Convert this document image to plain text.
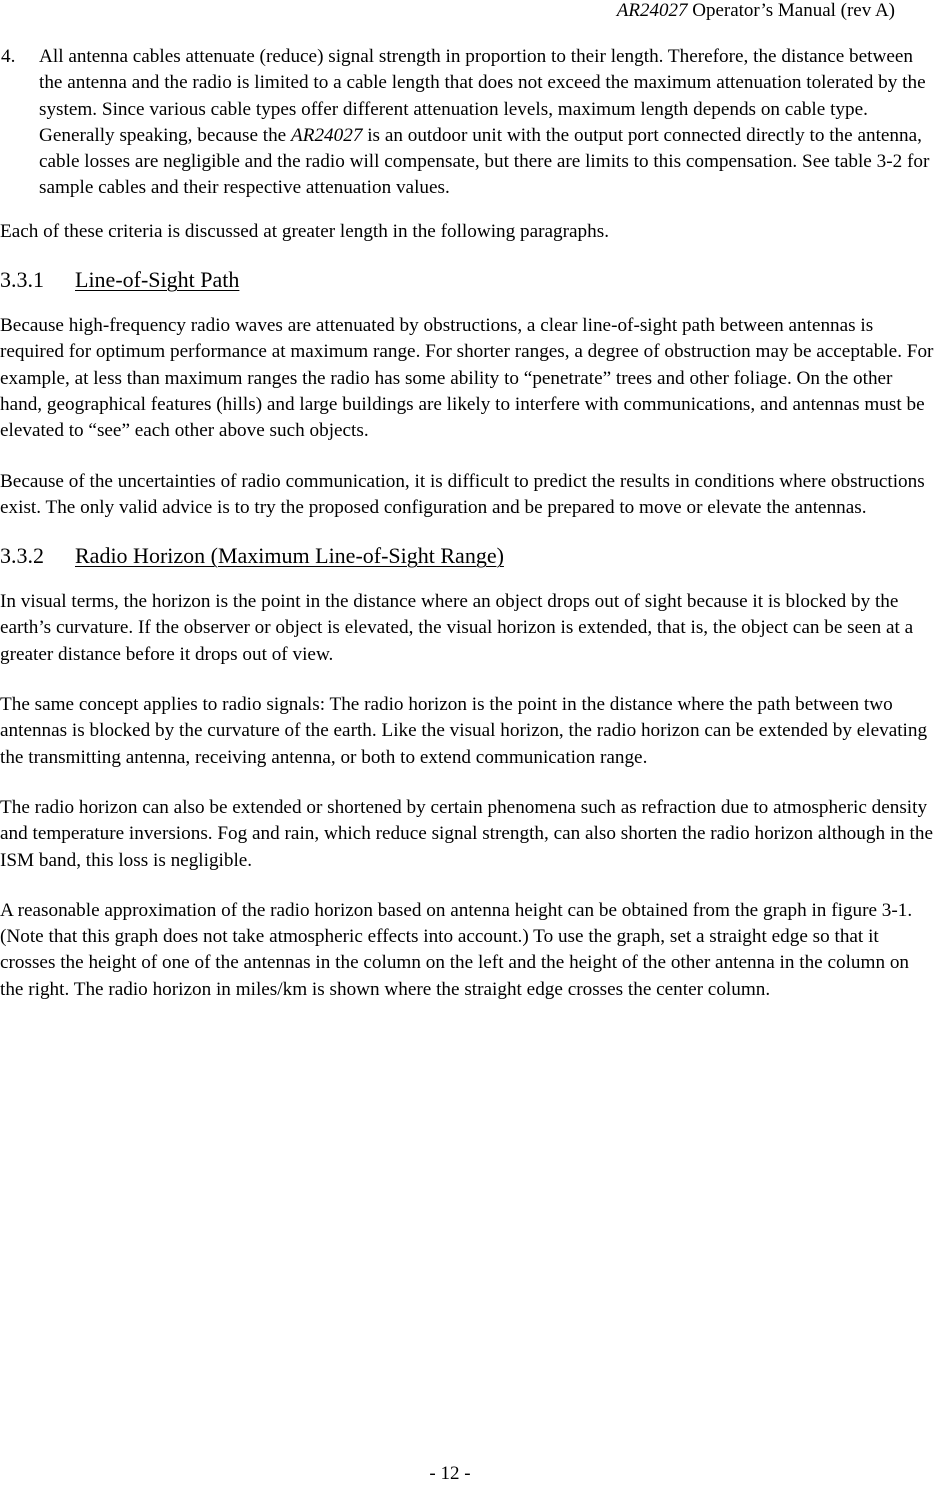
AR24027 Operator’s Manual (rev A)
4.	All antenna cables attenuate (reduce) signal strength in proportion to their length. Therefore, the distance between the antenna and the radio is limited to a cable length that does not exceed the maximum attenuation tolerated by the system. Since various cable types offer different attenuation levels, maximum length depends on cable type. Generally speaking, because the AR24027 is an outdoor unit with the output port connected directly to the antenna, cable losses are negligible and the radio will compensate, but there are limits to this compensation. See table 3-2 for sample cables and their respective attenuation values.

Each of these criteria is discussed at greater length in the following paragraphs.

3.3.1	Line-of-Sight Path

Because high-frequency radio waves are attenuated by obstructions, a clear line-of-sight path between antennas is required for optimum performance at maximum range. For shorter ranges, a degree of obstruction may be acceptable. For example, at less than maximum ranges the radio has some ability to “penetrate” trees and other foliage. On the other hand, geographical features (hills) and large buildings are likely to interfere with communications, and antennas must be elevated to “see” each other above such objects.

Because of the uncertainties of radio communication, it is difficult to predict the results in conditions where obstructions exist. The only valid advice is to try the proposed configuration and be prepared to move or elevate the antennas.

3.3.2	Radio Horizon (Maximum Line-of-Sight Range)

In visual terms, the horizon is the point in the distance where an object drops out of sight because it is blocked by the earth’s curvature. If the observer or object is elevated, the visual horizon is extended, that is, the object can be seen at a greater distance before it drops out of view.

The same concept applies to radio signals: The radio horizon is the point in the distance where the path between two antennas is blocked by the curvature of the earth. Like the visual horizon, the radio horizon can be extended by elevating the transmitting antenna, receiving antenna, or both to extend communication range.

The radio horizon can also be extended or shortened by certain phenomena such as refraction due to atmospheric density and temperature inversions. Fog and rain, which reduce signal strength, can also shorten the radio horizon although in the ISM band, this loss is negligible.

A reasonable approximation of the radio horizon based on antenna height can be obtained from the graph in figure 3-1. (Note that this graph does not take atmospheric effects into account.) To use the graph, set a straight edge so that it crosses the height of one of the antennas in the column on the left and the height of the other antenna in the column on the right. The radio horizon in miles/km is shown where the straight edge crosses the center column.

- 12 -
